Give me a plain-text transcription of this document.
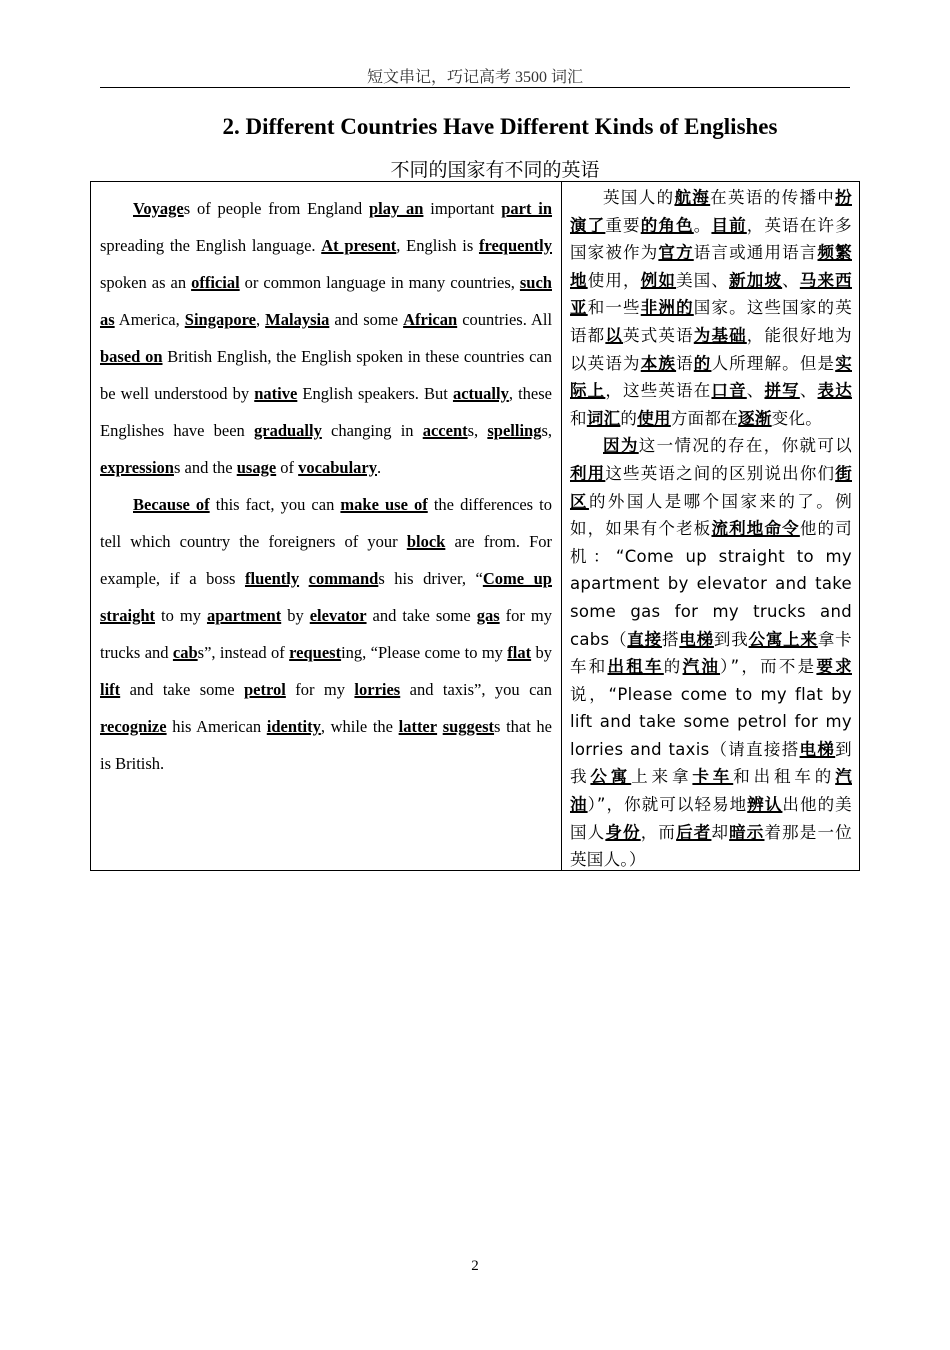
短文串记，巧记高考 3500 词汇
2. Different Countries Have Different Kinds of Englishes
不同的国家有不同的英语

Voyages of people from England play an important part in spreading the English language. At present, English is frequently spoken as an official or common language in many countries, such as America, Singapore, Malaysia and some African countries. All based on British English, the English spoken in these countries can be well understood by native English speakers. But actually, these Englishes have been gradually changing in accents, spellings, expressions and the usage of vocabulary.

Because of this fact, you can make use of the differences to tell which country the foreigners of your block are from. For example, if a boss fluently commands his driver, “Come up straight to my apartment by elevator and take some gas for my trucks and cabs”, instead of requesting, “Please come to my flat by lift and take some petrol for my lorries and taxis”, you can recognize his American identity, while the latter suggests that he is British.

英国人的航海在英语的传播中扮演了重要的角色。目前，英语在许多国家被作为官方语言或通用语言频繁地使用，例如美国、新加坡、马来西亚和一些非洲的国家。这些国家的英语都以英式英语为基础，能很好地为以英语为本族语的人所理解。但是实际上，这些英语在口音、拼写、表达和词汇的使用方面都在逐渐变化。

因为这一情况的存在，你就可以利用这些英语之间的区别说出你们街区的外国人是哪个国家来的了。例如，如果有个老板流利地命令他的司机：“Come up straight to my apartment by elevator and take some gas for my trucks and cabs（直接搭电梯到我公寓上来拿卡车和出租车的汽油）”，而不是要求说，“Please come to my flat by lift and take some petrol for my lorries and taxis（请直接搭电梯到我公寓上来拿卡车和出租车的汽油）”，你就可以轻易地辨认出他的美国人身份，而后者却暗示着那是一位英国人。）

2
